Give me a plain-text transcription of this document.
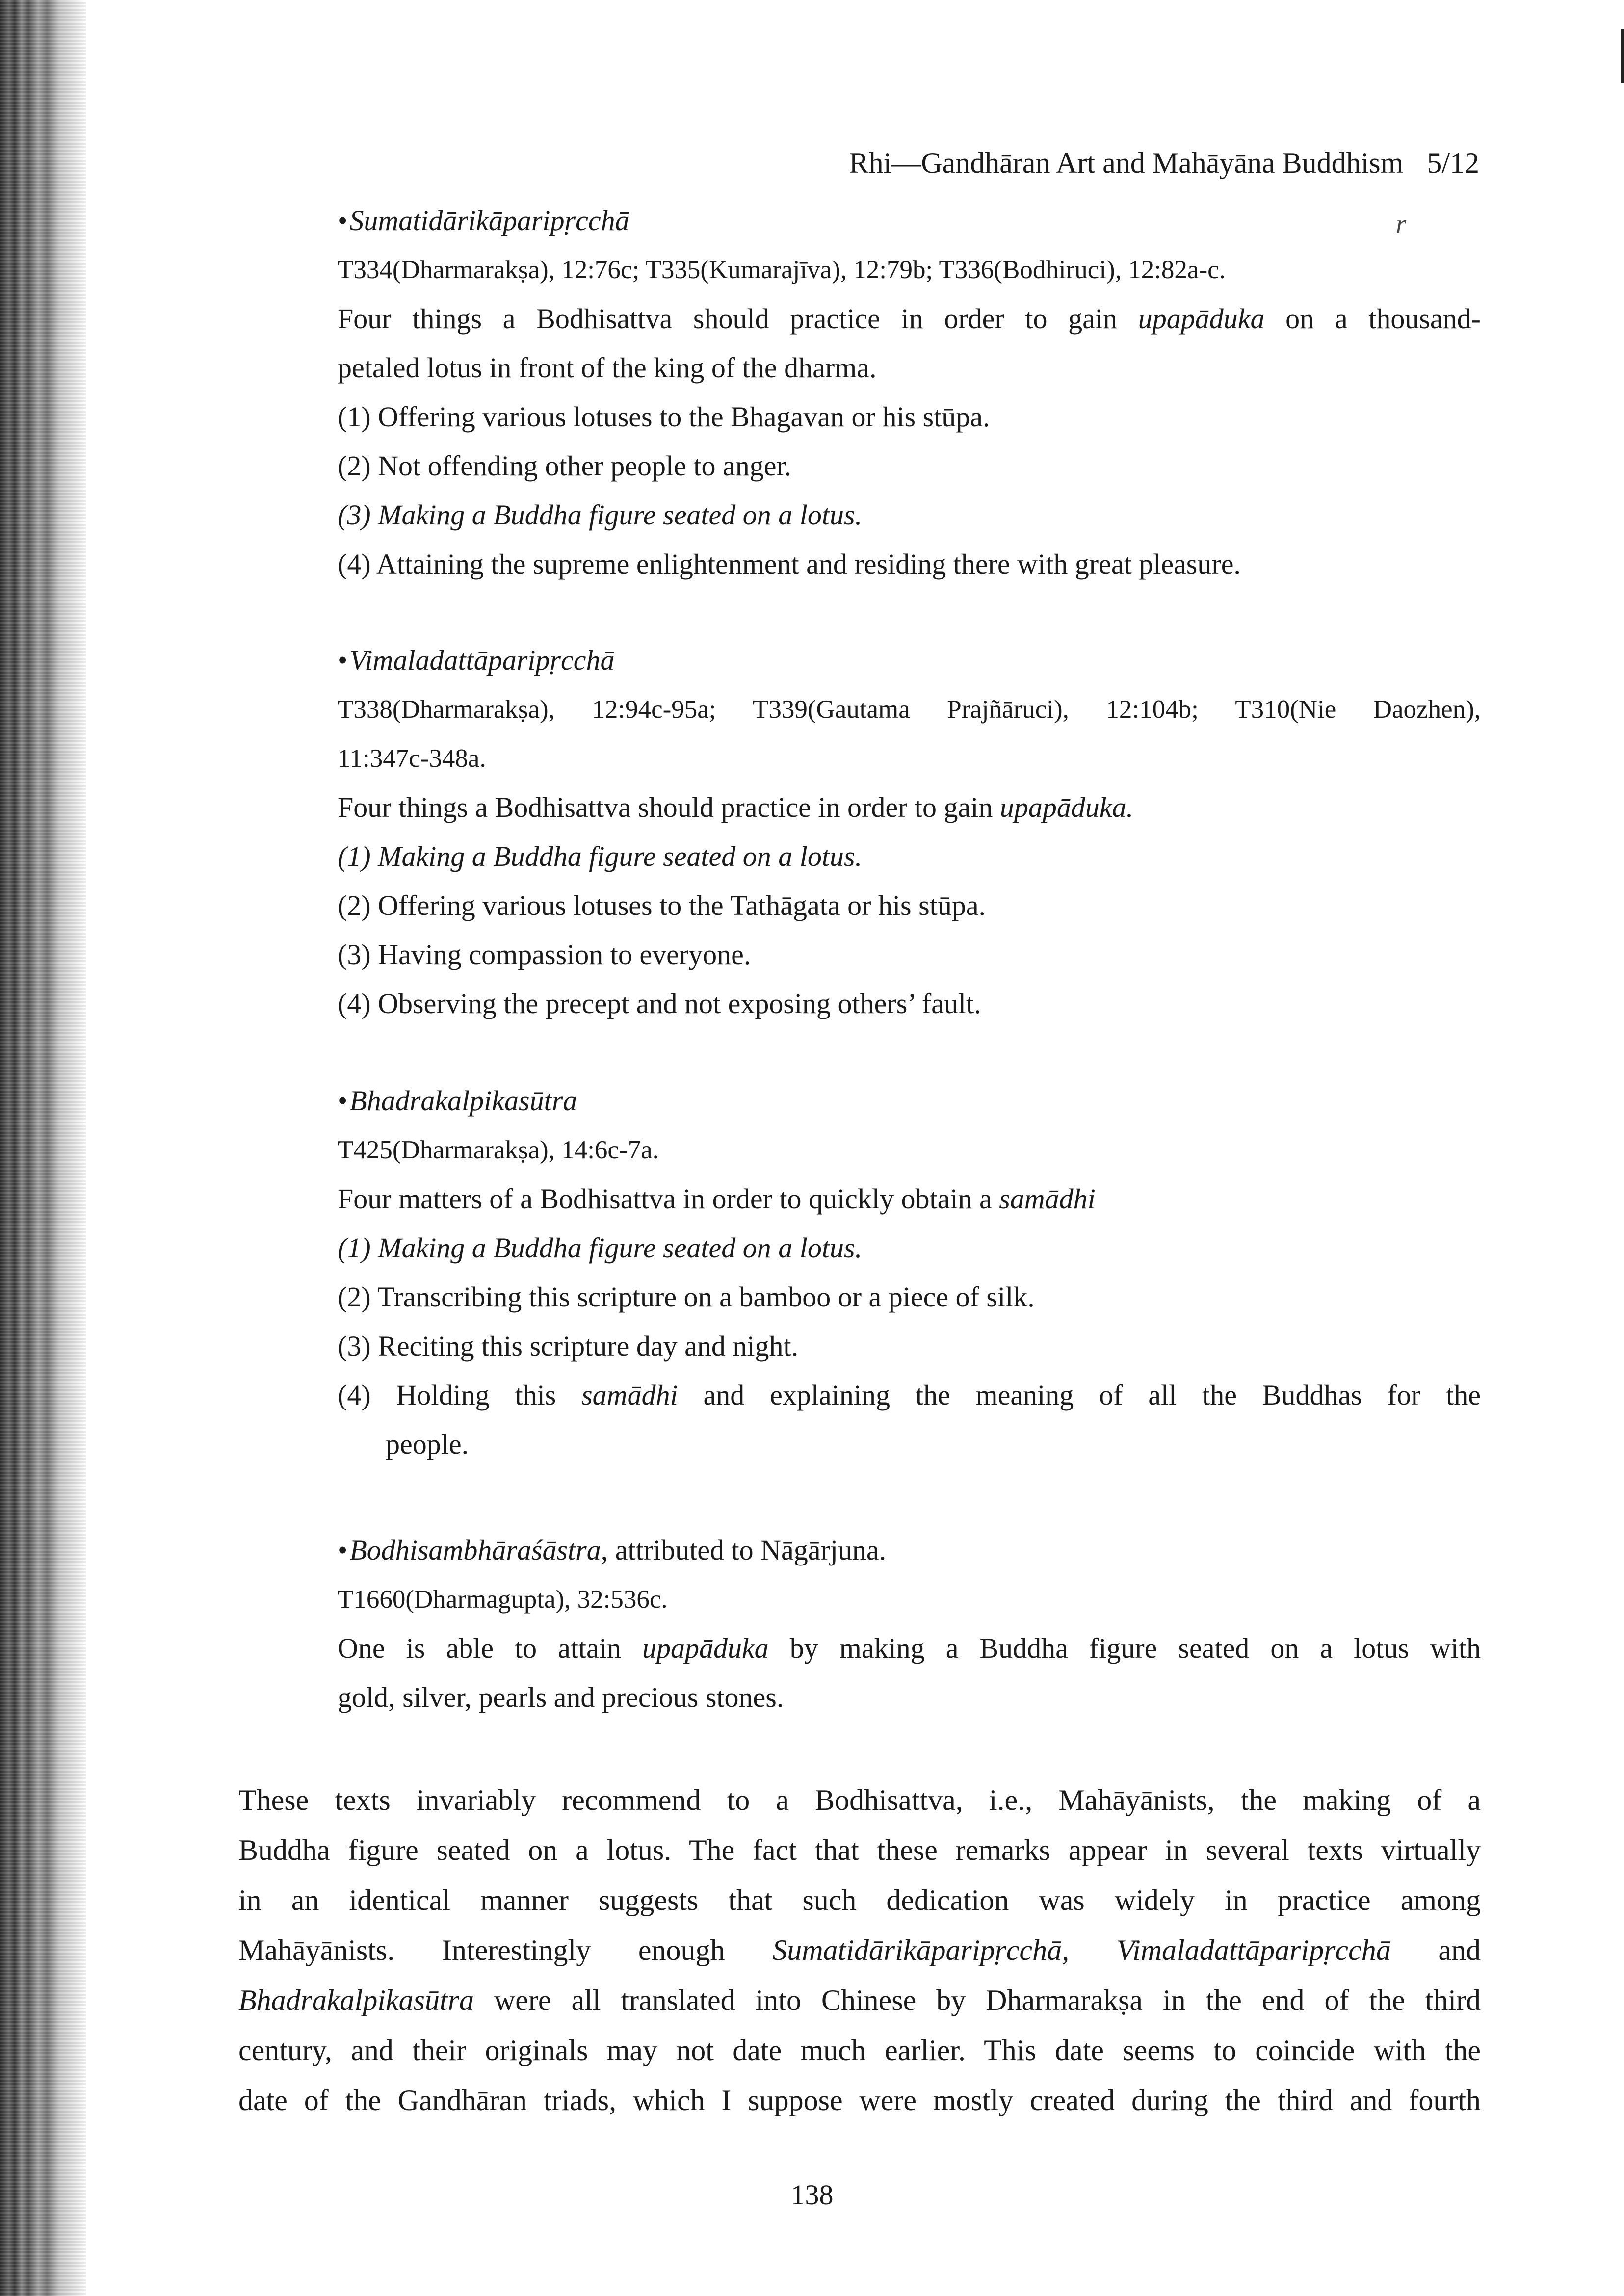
Rhi—Gandhāran Art and Mahāyāna Buddhism 5/12
r
•Sumatidārikāparipṛcchā
T334(Dharmarakṣa), 12:76c; T335(Kumarajīva), 12:79b; T336(Bodhiruci), 12:82a-c.
Four things a Bodhisattva should practice in order to gain upapāduka on a thousand-
petaled lotus in front of the king of the dharma.
(1) Offering various lotuses to the Bhagavan or his stūpa.
(2) Not offending other people to anger.
(3) Making a Buddha figure seated on a lotus.
(4) Attaining the supreme enlightenment and residing there with great pleasure.
•Vimaladattāparipṛcchā
T338(Dharmarakṣa), 12:94c-95a; T339(Gautama Prajñāruci), 12:104b; T310(Nie Daozhen),
11:347c-348a.
Four things a Bodhisattva should practice in order to gain upapāduka.
(1) Making a Buddha figure seated on a lotus.
(2) Offering various lotuses to the Tathāgata or his stūpa.
(3) Having compassion to everyone.
(4) Observing the precept and not exposing others’ fault.
•Bhadrakalpikasūtra
T425(Dharmarakṣa), 14:6c-7a.
Four matters of a Bodhisattva in order to quickly obtain a samādhi
(1) Making a Buddha figure seated on a lotus.
(2) Transcribing this scripture on a bamboo or a piece of silk.
(3) Reciting this scripture day and night.
(4) Holding this samādhi and explaining the meaning of all the Buddhas for the
people.
•Bodhisambhāraśāstra, attributed to Nāgārjuna.
T1660(Dharmagupta), 32:536c.
One is able to attain upapāduka by making a Buddha figure seated on a lotus with
gold, silver, pearls and precious stones.
These texts invariably recommend to a Bodhisattva, i.e., Mahāyānists, the making of a
Buddha figure seated on a lotus. The fact that these remarks appear in several texts virtually
in an identical manner suggests that such dedication was widely in practice among
Mahāyānists. Interestingly enough Sumatidārikāparipṛcchā, Vimaladattāparipṛcchā and
Bhadrakalpikasūtra were all translated into Chinese by Dharmarakṣa in the end of the third
century, and their originals may not date much earlier. This date seems to coincide with the
date of the Gandhāran triads, which I suppose were mostly created during the third and fourth
138
